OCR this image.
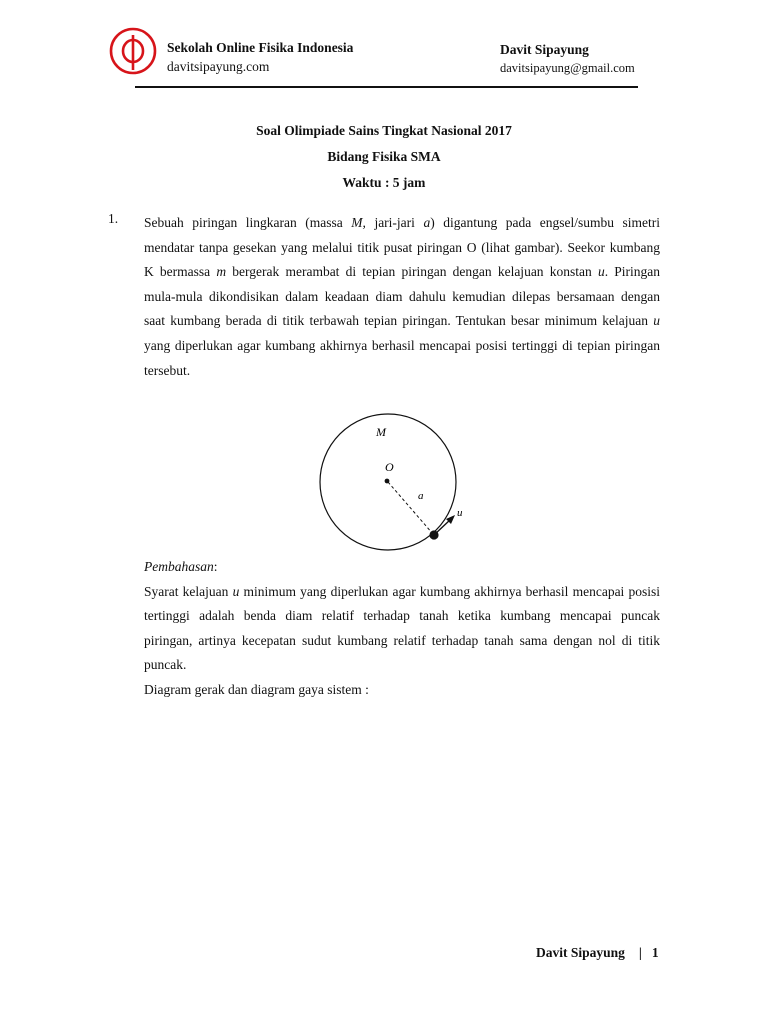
Sekolah Online Fisika Indonesia
davitsipayung.com
Davit Sipayung
davitsipayung@gmail.com
Soal Olimpiade Sains Tingkat Nasional 2017
Bidang Fisika SMA
Waktu : 5 jam
1. Sebuah piringan lingkaran (massa M, jari-jari a) digantung pada engsel/sumbu simetri
mendatar tanpa gesekan yang melalui titik pusat piringan O (lihat gambar). Seekor kumbang
K bermassa m bergerak merambat di tepian piringan dengan kelajuan konstan u. Piringan
mula-mula dikondisikan dalam keadaan diam dahulu kemudian dilepas bersamaan dengan
saat kumbang berada di titik terbawah tepian piringan. Tentukan besar minimum kelajuan u
yang diperlukan agar kumbang akhirnya berhasil mencapai posisi tertinggi di tepian piringan
tersebut.
M
O
a
u
Pembahasan:
Syarat kelajuan u minimum yang diperlukan agar kumbang akhirnya berhasil mencapai posisi
tertinggi adalah benda diam relatif terhadap tanah ketika kumbang mencapai puncak
piringan, artinya kecepatan sudut kumbang relatif terhadap tanah sama dengan nol di titik
puncak.
Diagram gerak dan diagram gaya sistem :
Davit Sipayung | 1
